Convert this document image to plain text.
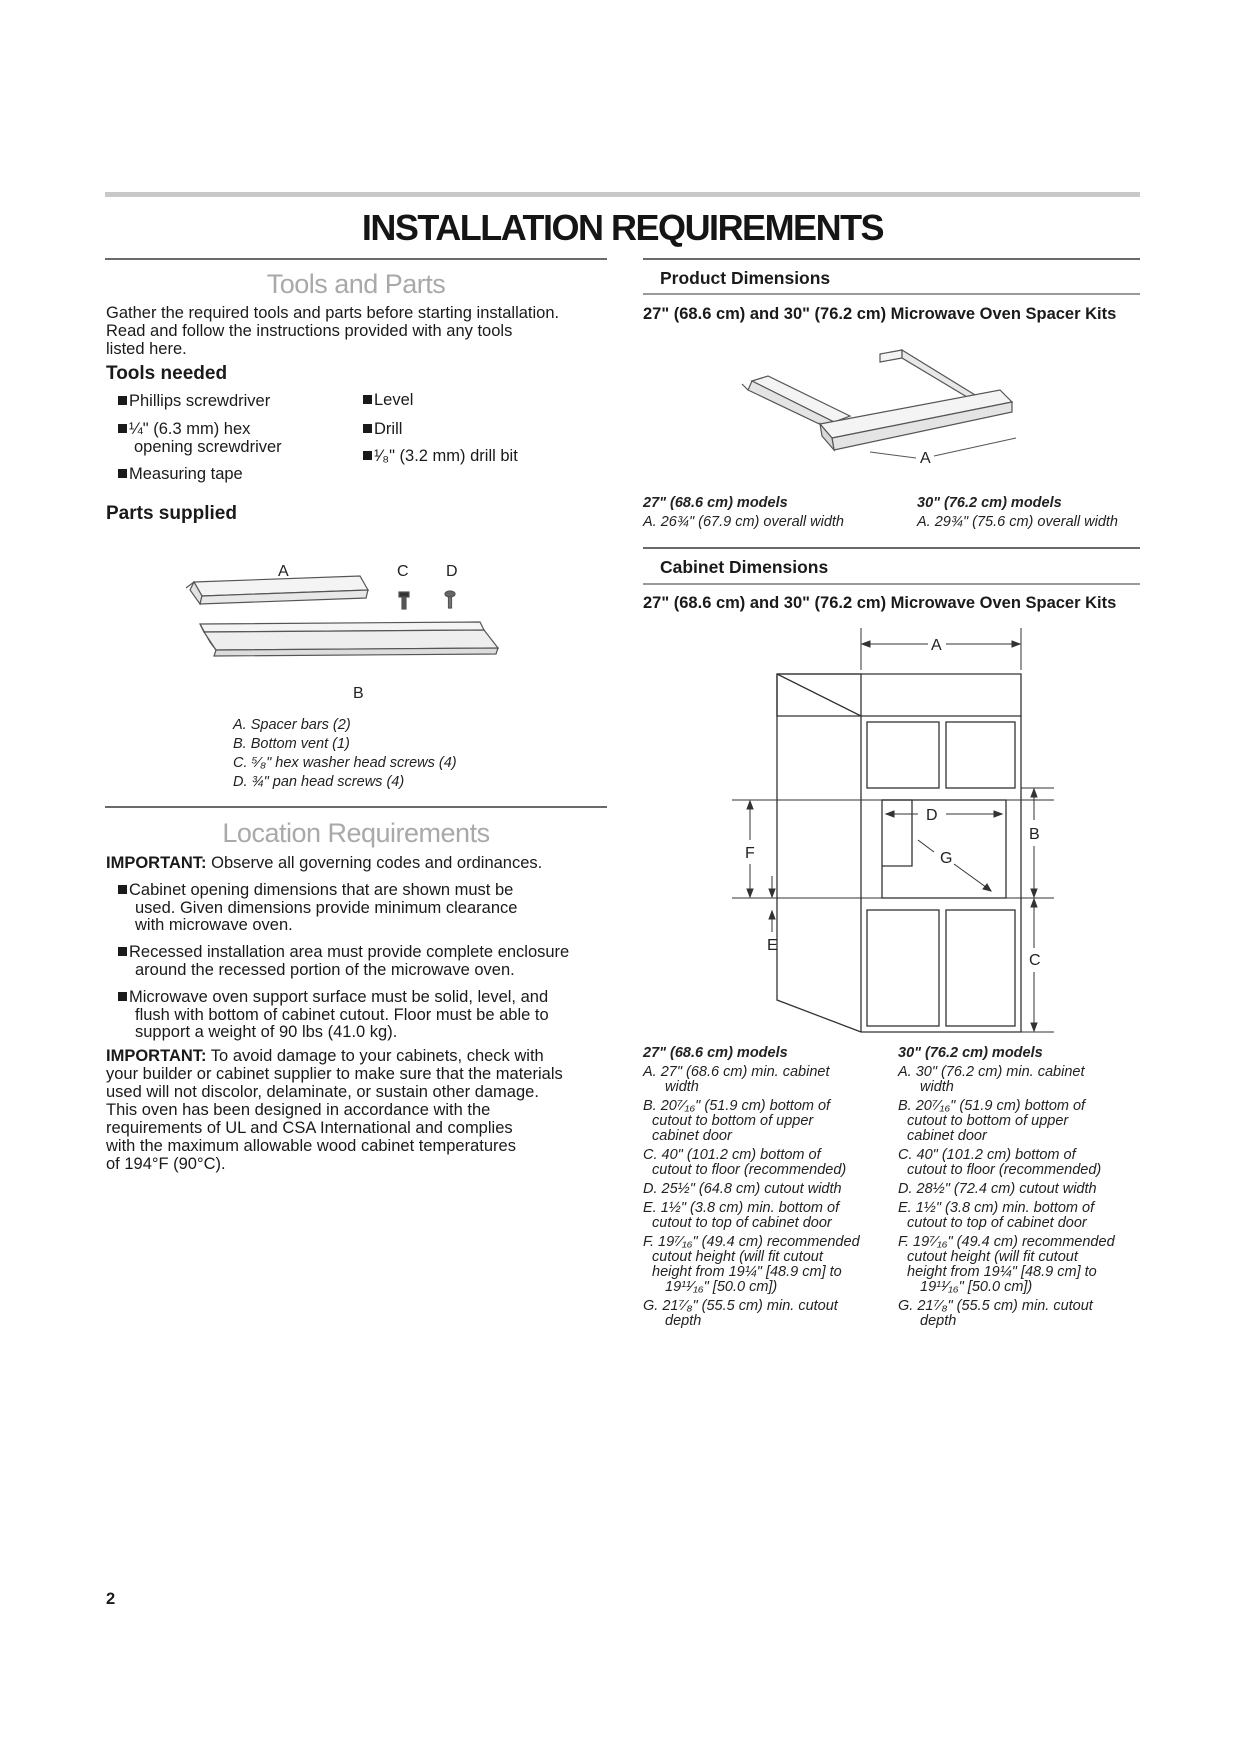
INSTALLATION REQUIREMENTS
Tools and Parts
Gather the required tools and parts before starting installation.
Read and follow the instructions provided with any tools
listed here.
Tools needed
Phillips screwdriver
¼" (6.3 mm) hex
opening screwdriver
Measuring tape
Level
Drill
¹⁄₈" (3.2 mm) drill bit
Parts supplied
A	C D
B
A. Spacer bars (2)
B. Bottom vent (1)
C. ⁵⁄₈" hex washer head screws (4)
D. ¾" pan head screws (4)
Location Requirements
IMPORTANT: Observe all governing codes and ordinances.
Cabinet opening dimensions that are shown must be
used. Given dimensions provide minimum clearance
with microwave oven.
Recessed installation area must provide complete enclosure
around the recessed portion of the microwave oven.
Microwave oven support surface must be solid, level, and
flush with bottom of cabinet cutout. Floor must be able to
support a weight of 90 lbs (41.0 kg).
IMPORTANT: To avoid damage to your cabinets, check with
your builder or cabinet supplier to make sure that the materials
used will not discolor, delaminate, or sustain other damage.
This oven has been designed in accordance with the
requirements of UL and CSA International and complies
with the maximum allowable wood cabinet temperatures
of 194°F (90°C).
2
Product Dimensions
27" (68.6 cm) and 30" (76.2 cm) Microwave Oven Spacer Kits
A
27" (68.6 cm) models
A. 26¾" (67.9 cm) overall width
30" (76.2 cm) models
A. 29¾" (75.6 cm) overall width
Cabinet Dimensions
27" (68.6 cm) and 30" (76.2 cm) Microwave Oven Spacer Kits
A
D
G
B
F
E
C
27" (68.6 cm) models
A. 27" (68.6 cm) min. cabinet
width
B. 20⁷⁄₁₆" (51.9 cm) bottom of
cutout to bottom of upper
cabinet door
C. 40" (101.2 cm) bottom of
cutout to floor (recommended)
D. 25½" (64.8 cm) cutout width
E. 1½" (3.8 cm) min. bottom of
cutout to top of cabinet door
F. 19⁷⁄₁₆" (49.4 cm) recommended
cutout height (will fit cutout
height from 19¼" [48.9 cm] to
19¹¹⁄₁₆" [50.0 cm])
G. 21⁷⁄₈" (55.5 cm) min. cutout
depth
30" (76.2 cm) models
A. 30" (76.2 cm) min. cabinet
width
B. 20⁷⁄₁₆" (51.9 cm) bottom of
cutout to bottom of upper
cabinet door
C. 40" (101.2 cm) bottom of
cutout to floor (recommended)
D. 28½" (72.4 cm) cutout width
E. 1½" (3.8 cm) min. bottom of
cutout to top of cabinet door
F. 19⁷⁄₁₆" (49.4 cm) recommended
cutout height (will fit cutout
height from 19¼" [48.9 cm] to
19¹¹⁄₁₆" [50.0 cm])
G. 21⁷⁄₈" (55.5 cm) min. cutout
depth
